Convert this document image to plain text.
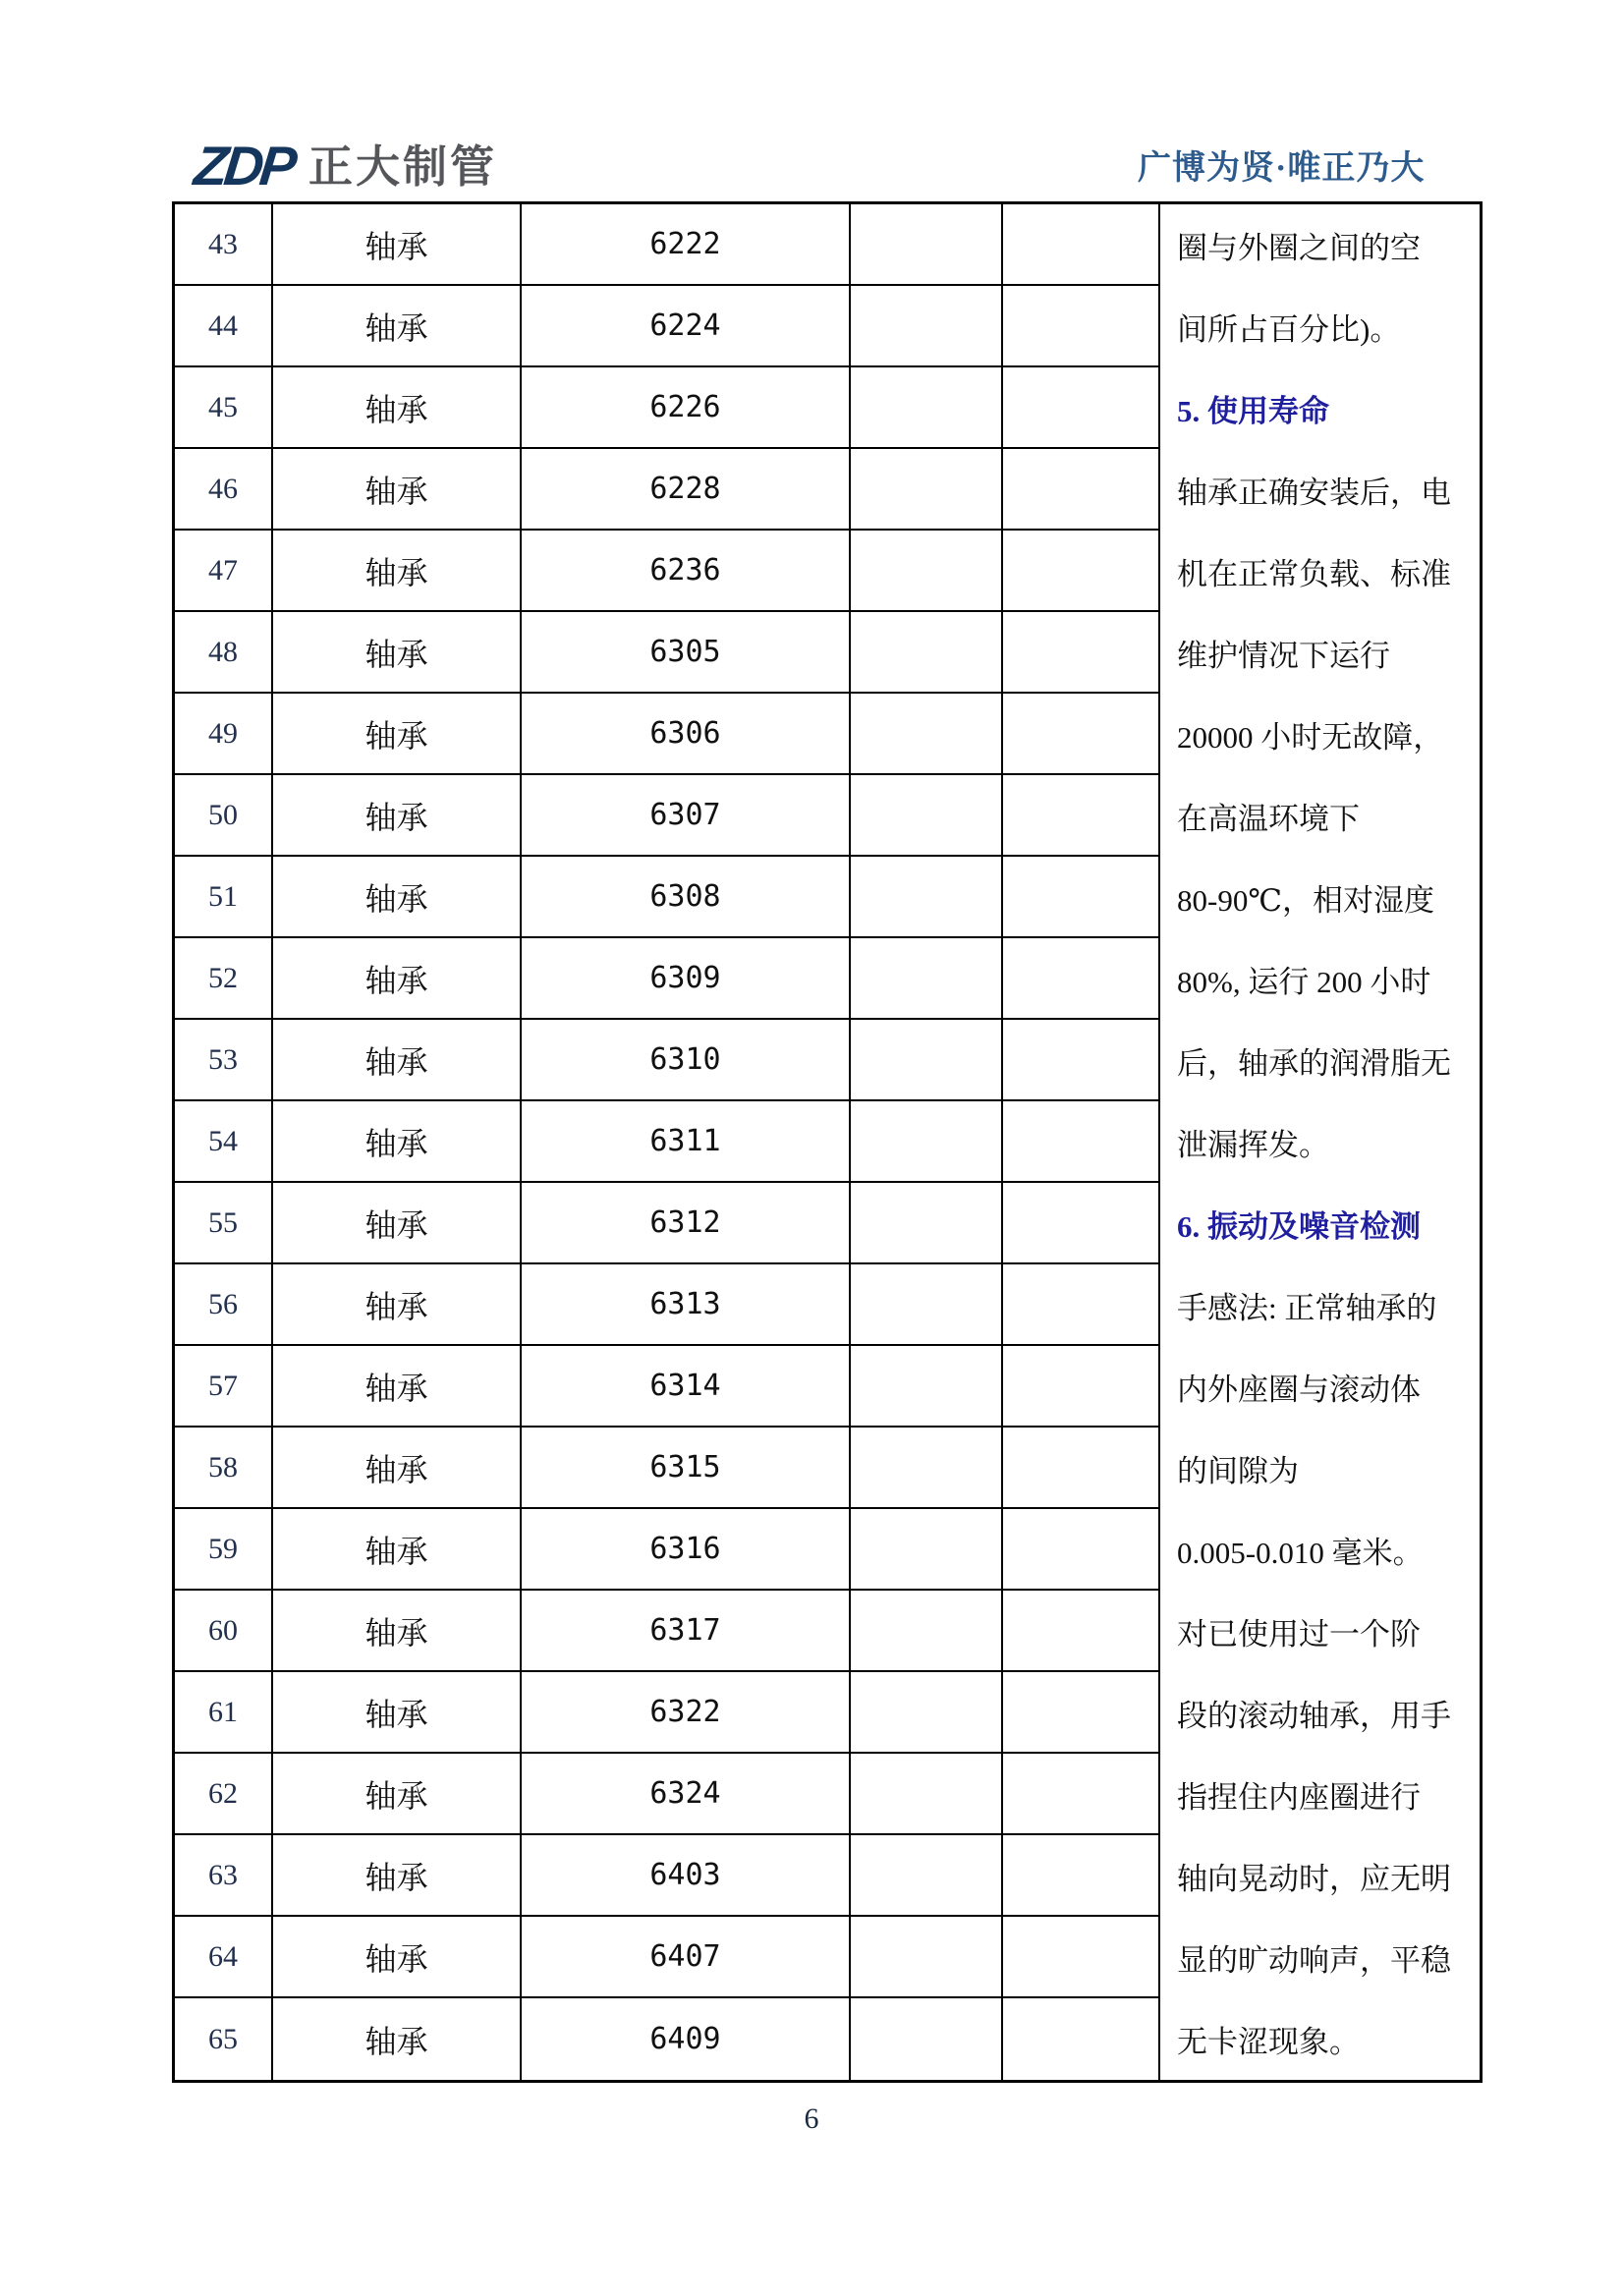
ZDP 正大制管	广博为贤·唯正乃大
43	轴承	6222
44	轴承	6224
45	轴承	6226
46	轴承	6228
47	轴承	6236
48	轴承	6305
49	轴承	6306
50	轴承	6307
51	轴承	6308
52	轴承	6309
53	轴承	6310
54	轴承	6311
55	轴承	6312
56	轴承	6313
57	轴承	6314
58	轴承	6315
59	轴承	6316
60	轴承	6317
61	轴承	6322
62	轴承	6324
63	轴承	6403
64	轴承	6407
65	轴承	6409
圈与外圈之间的空
间所占百分比)。
5. 使用寿命
轴承正确安装后，电
机在正常负载、标准
维护情况下运行
20000 小时无故障，
在高温环境下
80-90℃，相对湿度
80%, 运行 200 小时
后，轴承的润滑脂无
泄漏挥发。
6. 振动及噪音检测
手感法: 正常轴承的
内外座圈与滚动体
的间隙为
0.005-0.010 毫米。
对已使用过一个阶
段的滚动轴承，用手
指捏住内座圈进行
轴向晃动时，应无明
显的旷动响声，平稳
无卡涩现象。
6
